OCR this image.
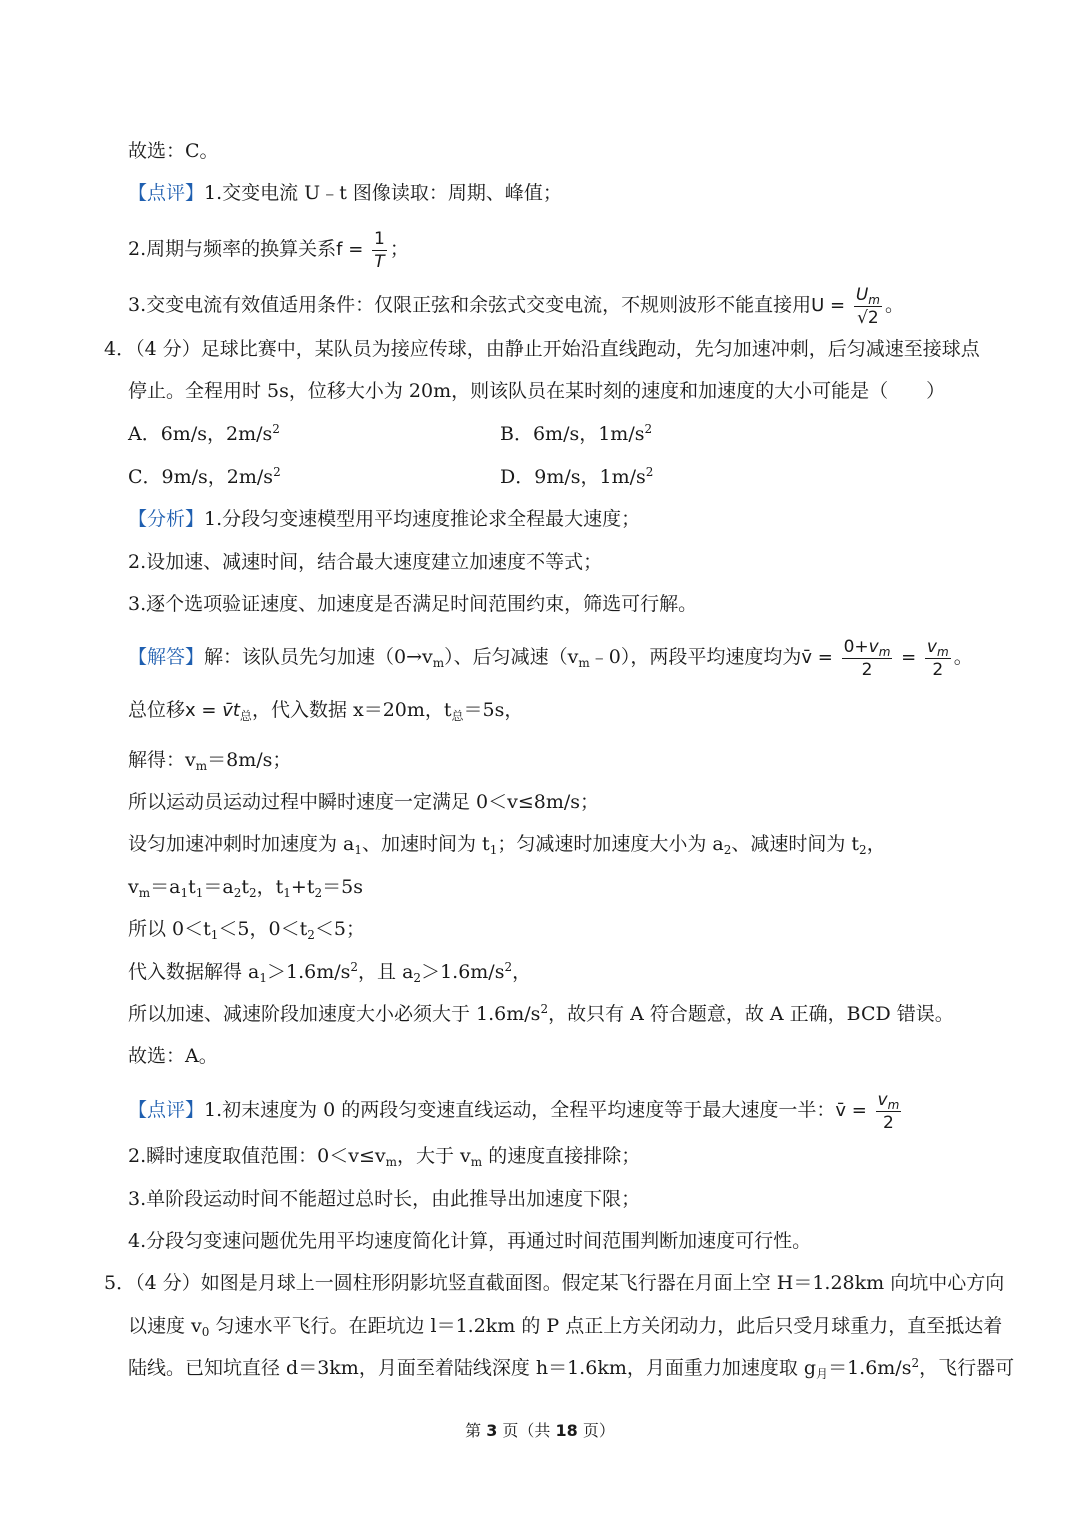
故选：C。
【点评】1.交变电流 U﹣t 图像读取：周期、峰值；
2.周期与频率的换算关系$f = \frac{1}{T}$ ；
3.交变电流有效值适用条件：仅限正弦和余弦式交变电流，不规则波形不能直接用$U = \frac{U_m}{√2}$ 。
4．（4 分）足球比赛中，某队员为接应传球，由静止开始沿直线跑动，先匀加速冲刺，后匀减速至接球点
停止。全程用时 5s，位移大小为 20m，则该队员在某时刻的速度和加速度的大小可能是（　　）
A．6m/s，$2m/s^2$	B．6m/s，$1m/s^2$
C．9m/s，$2m/s^2$	D．9m/s，$1m/s^2$
【分析】1.分段匀变速模型用平均速度推论求全程最大速度；
2.设加速、减速时间，结合最大速度建立加速度不等式；
3.逐个选项验证速度、加速度是否满足时间范围约束，筛选可行解。
【解答】解：该队员先匀加速$(0\to v_m)$、后匀减速$(v_m﹣0)$，两段平均速度均为v̄ = $\frac{0+v_m}{2} = \frac{v_m}{2}$ 。
总位移$x = v̄t_总$，代入数据 x＝20m，$t_总=5s$，
解得：$v_m=8m/s$；
所以运动员运动过程中瞬时速度一定满足 0＜v≤8m/s；
设匀加速冲刺时加速度为 $a_1$、加速时间为 $t_1$；匀减速时加速度大小为 $a_2$、减速时间为 $t_2$，
$v_m=a_1t_1=a_2t_2$，$t_1+t_2=5s$
所以 $0<t_1<5$，$0<t_2<5$；
代入数据解得 $a_1>1.6m/s^2$，且 $a_2>1.6m/s^2$，
所以加速、减速阶段加速度大小必须大于 $1.6m/s^2$，故只有 A 符合题意，故 A 正确，BCD 错误。
故选：A。
【点评】1.初末速度为 0 的两段匀变速直线运动，全程平均速度等于最大速度一半：v̄ = $\frac{v_m}{2}$
2.瞬时速度取值范围：$0<v\le v_m$，大于 $v_m$ 的速度直接排除；
3.单阶段运动时间不能超过总时长，由此推导出加速度下限；
4.分段匀变速问题优先用平均速度简化计算，再通过时间范围判断加速度可行性。
5．（4 分）如图是月球上一圆柱形阴影坑竖直截面图。假定某飞行器在月面上空 H＝1.28km 向坑中心方向
以速度 $v_0$ 匀速水平飞行。在距坑边 l＝1.2km 的 P 点正上方关闭动力，此后只受月球重力，直至抵达着
陆线。已知坑直径 d＝3km，月面至着陆线深度 h＝1.6km，月面重力加速度取 $g_月=1.6m/s^2$，飞行器可
第 3 页（共 18 页）
